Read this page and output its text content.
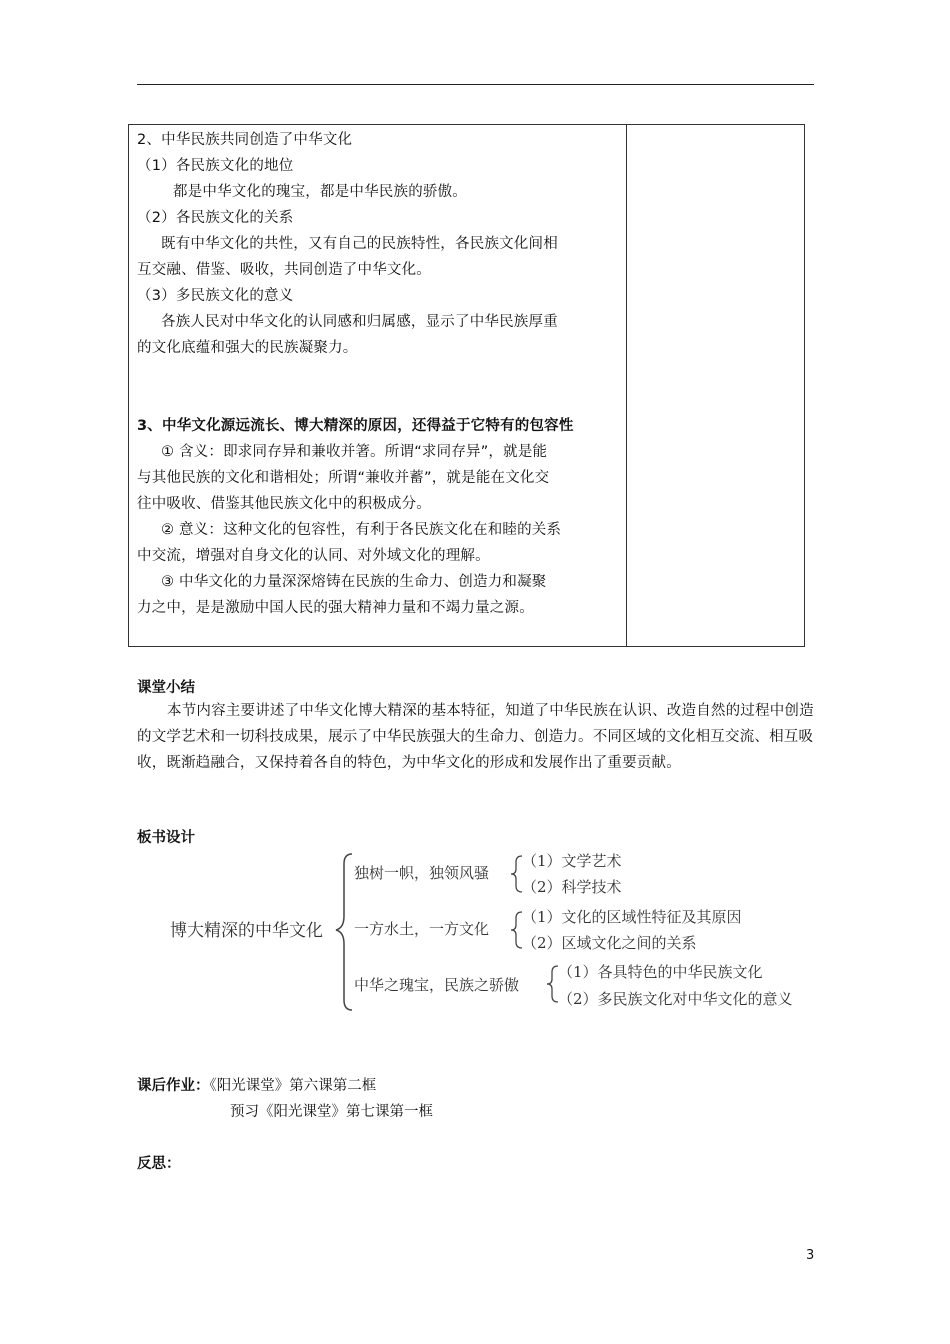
2、中华民族共同创造了中华文化
（1）各民族文化的地位
都是中华文化的瑰宝，都是中华民族的骄傲。
（2）各民族文化的关系
既有中华文化的共性，又有自己的民族特性，各民族文化间相
互交融、借鉴、吸收，共同创造了中华文化。
（3）多民族文化的意义
各族人民对中华文化的认同感和归属感，显示了中华民族厚重
的文化底蕴和强大的民族凝聚力。
3、中华文化源远流长、博大精深的原因，还得益于它特有的包容性
① 含义：即求同存异和兼收并箸。所谓“求同存异”，就是能
与其他民族的文化和谐相处；所谓“兼收并蓄”，就是能在文化交
往中吸收、借鉴其他民族文化中的积极成分。
② 意义：这种文化的包容性，有利于各民族文化在和睦的关系
中交流，增强对自身文化的认同、对外域文化的理解。
③ 中华文化的力量深深熔铸在民族的生命力、创造力和凝聚
力之中，是是激励中国人民的强大精神力量和不竭力量之源。
课堂小结

本节内容主要讲述了中华文化博大精深的基本特征，知道了中华民族在认识、改造自然的过程中创造的文学艺术和一切科技成果，展示了中华民族强大的生命力、创造力。不同区域的文化相互交流、相互吸收，既渐趋融合，又保持着各自的特色，为中华文化的形成和发展作出了重要贡献。

板书设计
博大精深的中华文化
独树一帜，独领风骚
一方水土，一方文化
中华之瑰宝，民族之骄傲
（1）文学艺术
（2）科学技术
（1）文化的区域性特征及其原因
（2）区域文化之间的关系
（1）各具特色的中华民族文化
（2）多民族文化对中华文化的意义
课后作业：《阳光课堂》第六课第二框
预习《阳光课堂》第七课第一框
反思：
3
